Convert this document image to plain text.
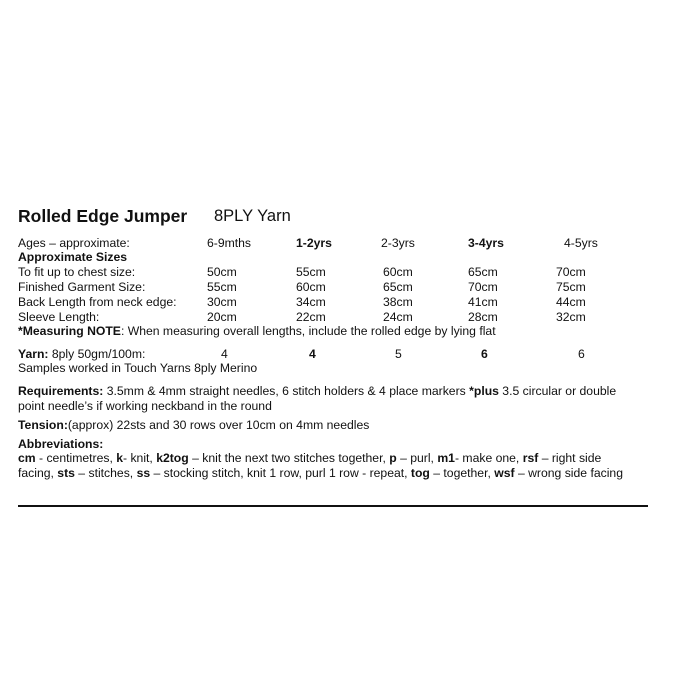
Rolled Edge Jumper 8PLY Yarn
Ages – approximate:	6-9mths	1-2yrs	2-3yrs	3-4yrs	4-5yrs
Approximate Sizes
To fit up to chest size:	50cm	55cm	60cm	65cm	70cm
Finished Garment Size:	55cm	60cm	65cm	70cm	75cm
Back Length from neck edge: 30cm	34cm	38cm	41cm	44cm
Sleeve Length:	20cm	22cm	24cm	28cm	32cm
*Measuring NOTE: When measuring overall lengths, include the rolled edge by lying flat
Yarn: 8ply 50gm/100m:	4	4	5	6	6
Samples worked in Touch Yarns 8ply Merino
Requirements: 3.5mm & 4mm straight needles, 6 stitch holders & 4 place markers *plus 3.5 circular or double point needle’s if working neckband in the round
Tension:(approx) 22sts and 30 rows over 10cm on 4mm needles
Abbreviations:
cm - centimetres, k- knit, k2tog – knit the next two stitches together, p – purl, m1- make one, rsf – right side facing, sts – stitches, ss – stocking stitch, knit 1 row, purl 1 row - repeat, tog – together, wsf – wrong side facing
